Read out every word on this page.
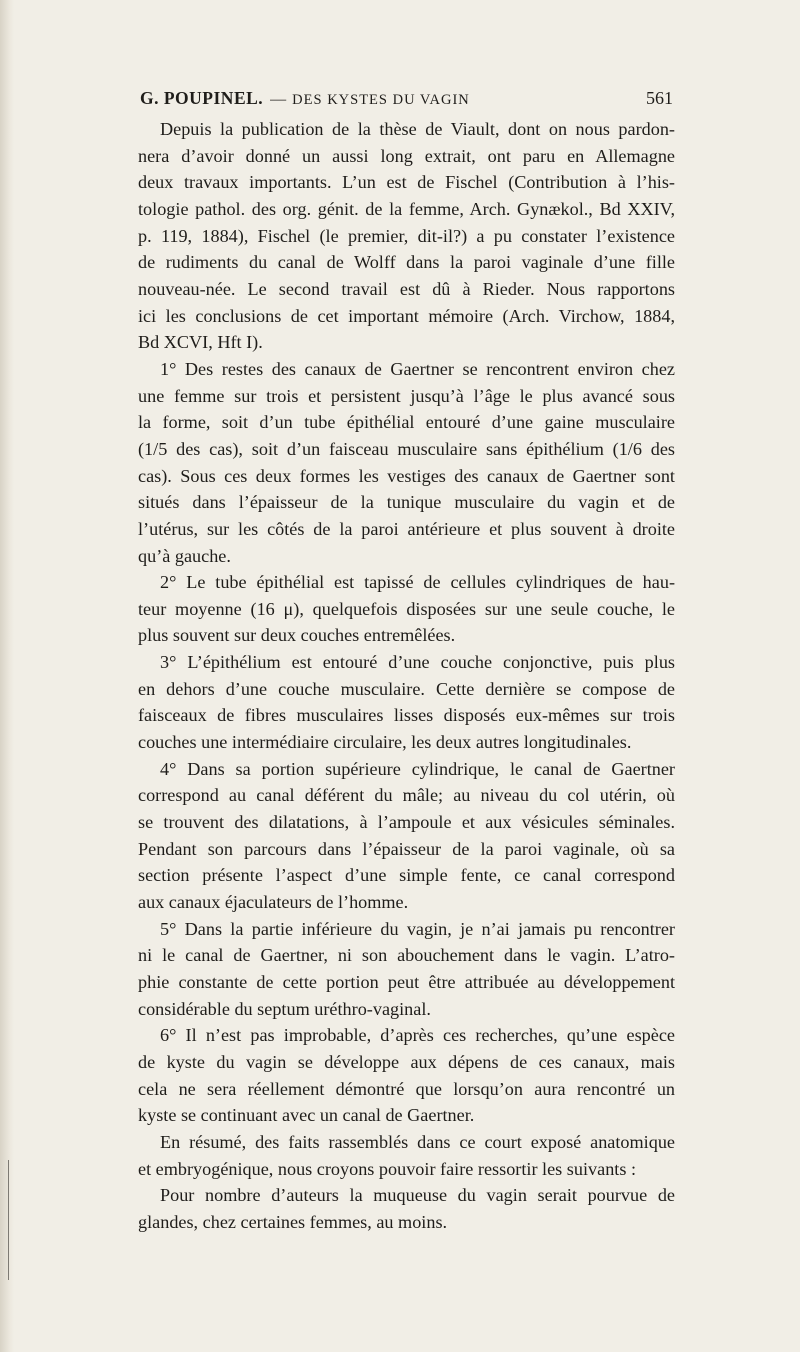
G. POUPINEL. — DES KYSTES DU VAGIN	561
Depuis la publication de la thèse de Viault, dont on nous pardon-
nera d’avoir donné un aussi long extrait, ont paru en Allemagne
deux travaux importants. L’un est de Fischel (Contribution à l’his-
tologie pathol. des org. génit. de la femme, Arch. Gynækol., Bd XXIV,
p. 119, 1884), Fischel (le premier, dit-il?) a pu constater l’existence
de rudiments du canal de Wolff dans la paroi vaginale d’une fille
nouveau-née. Le second travail est dû à Rieder. Nous rapportons
ici les conclusions de cet important mémoire (Arch. Virchow, 1884,
Bd XCVI, Hft I).
1° Des restes des canaux de Gaertner se rencontrent environ chez
une femme sur trois et persistent jusqu’à l’âge le plus avancé sous
la forme, soit d’un tube épithélial entouré d’une gaine musculaire
(1/5 des cas), soit d’un faisceau musculaire sans épithélium (1/6 des
cas). Sous ces deux formes les vestiges des canaux de Gaertner sont
situés dans l’épaisseur de la tunique musculaire du vagin et de
l’utérus, sur les côtés de la paroi antérieure et plus souvent à droite
qu’à gauche.
2° Le tube épithélial est tapissé de cellules cylindriques de hau-
teur moyenne (16 μ), quelquefois disposées sur une seule couche, le
plus souvent sur deux couches entremêlées.
3° L’épithélium est entouré d’une couche conjonctive, puis plus
en dehors d’une couche musculaire. Cette dernière se compose de
faisceaux de fibres musculaires lisses disposés eux-mêmes sur trois
couches une intermédiaire circulaire, les deux autres longitudinales.
4° Dans sa portion supérieure cylindrique, le canal de Gaertner
correspond au canal déférent du mâle; au niveau du col utérin, où
se trouvent des dilatations, à l’ampoule et aux vésicules séminales.
Pendant son parcours dans l’épaisseur de la paroi vaginale, où sa
section présente l’aspect d’une simple fente, ce canal correspond
aux canaux éjaculateurs de l’homme.
5° Dans la partie inférieure du vagin, je n’ai jamais pu rencontrer
ni le canal de Gaertner, ni son abouchement dans le vagin. L’atro-
phie constante de cette portion peut être attribuée au développement
considérable du septum uréthro-vaginal.
6° Il n’est pas improbable, d’après ces recherches, qu’une espèce
de kyste du vagin se développe aux dépens de ces canaux, mais
cela ne sera réellement démontré que lorsqu’on aura rencontré un
kyste se continuant avec un canal de Gaertner.
En résumé, des faits rassemblés dans ce court exposé anatomique
et embryogénique, nous croyons pouvoir faire ressortir les suivants :
Pour nombre d’auteurs la muqueuse du vagin serait pourvue de
glandes, chez certaines femmes, au moins.
